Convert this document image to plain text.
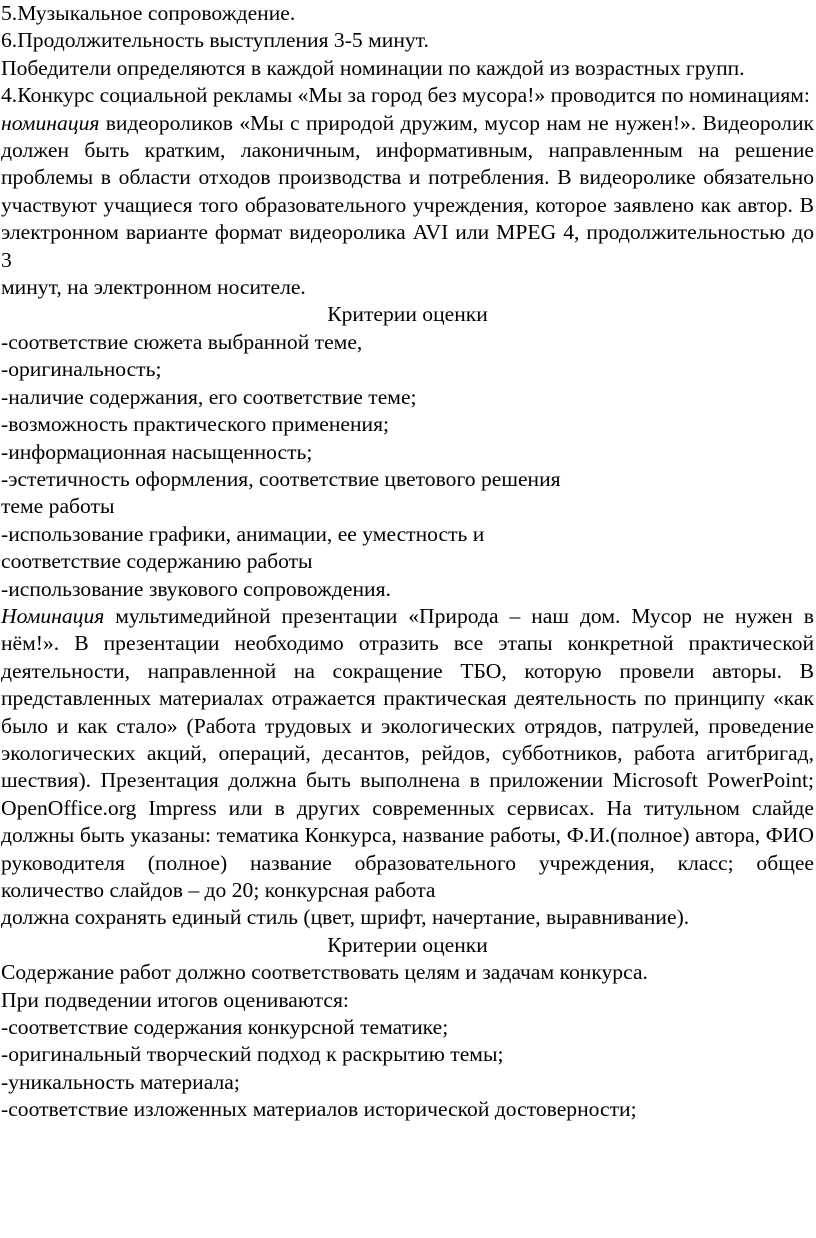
5.Музыкальное сопровождение.

6.Продолжительность выступления 3-5 минут.

Победители определяются в каждой номинации по каждой из возрастных групп.

4.Конкурс социальной рекламы «Мы за город без мусора!» проводится по номинациям:

номинация видеороликов «Мы с природой дружим, мусор нам не нужен!». Видеоролик должен быть кратким, лаконичным, информативным, направленным на решение проблемы в области отходов производства и потребления. В видеоролике обязательно участвуют учащиеся того образовательного учреждения, которое заявлено как автор. В электронном варианте формат видеоролика AVI или MPEG 4, продолжительностью до 3
минут, на электронном носителе.

Критерии оценки

-соответствие сюжета выбранной теме,

-оригинальность;

-наличие содержания, его соответствие теме;

-возможность практического применения;

-информационная насыщенность;

-эстетичность оформления, соответствие цветового решения

теме работы

-использование графики, анимации, ее уместность и

соответствие содержанию работы

-использование звукового сопровождения.

Номинация мультимедийной презентации «Природа – наш дом. Мусор не нужен в нём!». В презентации необходимо отразить все этапы конкретной практической деятельности, направленной на сокращение ТБО, которую провели авторы. В представленных материалах отражается практическая деятельность по принципу «как было и как стало» (Работа трудовых и экологических отрядов, патрулей, проведение экологических акций, операций, десантов, рейдов, субботников, работа агитбригад, шествия). Презентация должна быть выполнена в приложении Microsoft PowerPoint; OpenOffice.org Impress или в других современных сервисах. На титульном слайде должны быть указаны: тематика Конкурса, название работы, Ф.И.(полное) автора, ФИО руководителя (полное) название образовательного учреждения, класс; общее количество слайдов – до 20; конкурсная работа
должна сохранять единый стиль (цвет, шрифт, начертание, выравнивание).

Критерии оценки

Содержание работ должно соответствовать целям и задачам конкурса.

При подведении итогов оцениваются:

-соответствие содержания конкурсной тематике;

-оригинальный творческий подход к раскрытию темы;

-уникальность материала;

-соответствие изложенных материалов исторической достоверности;
